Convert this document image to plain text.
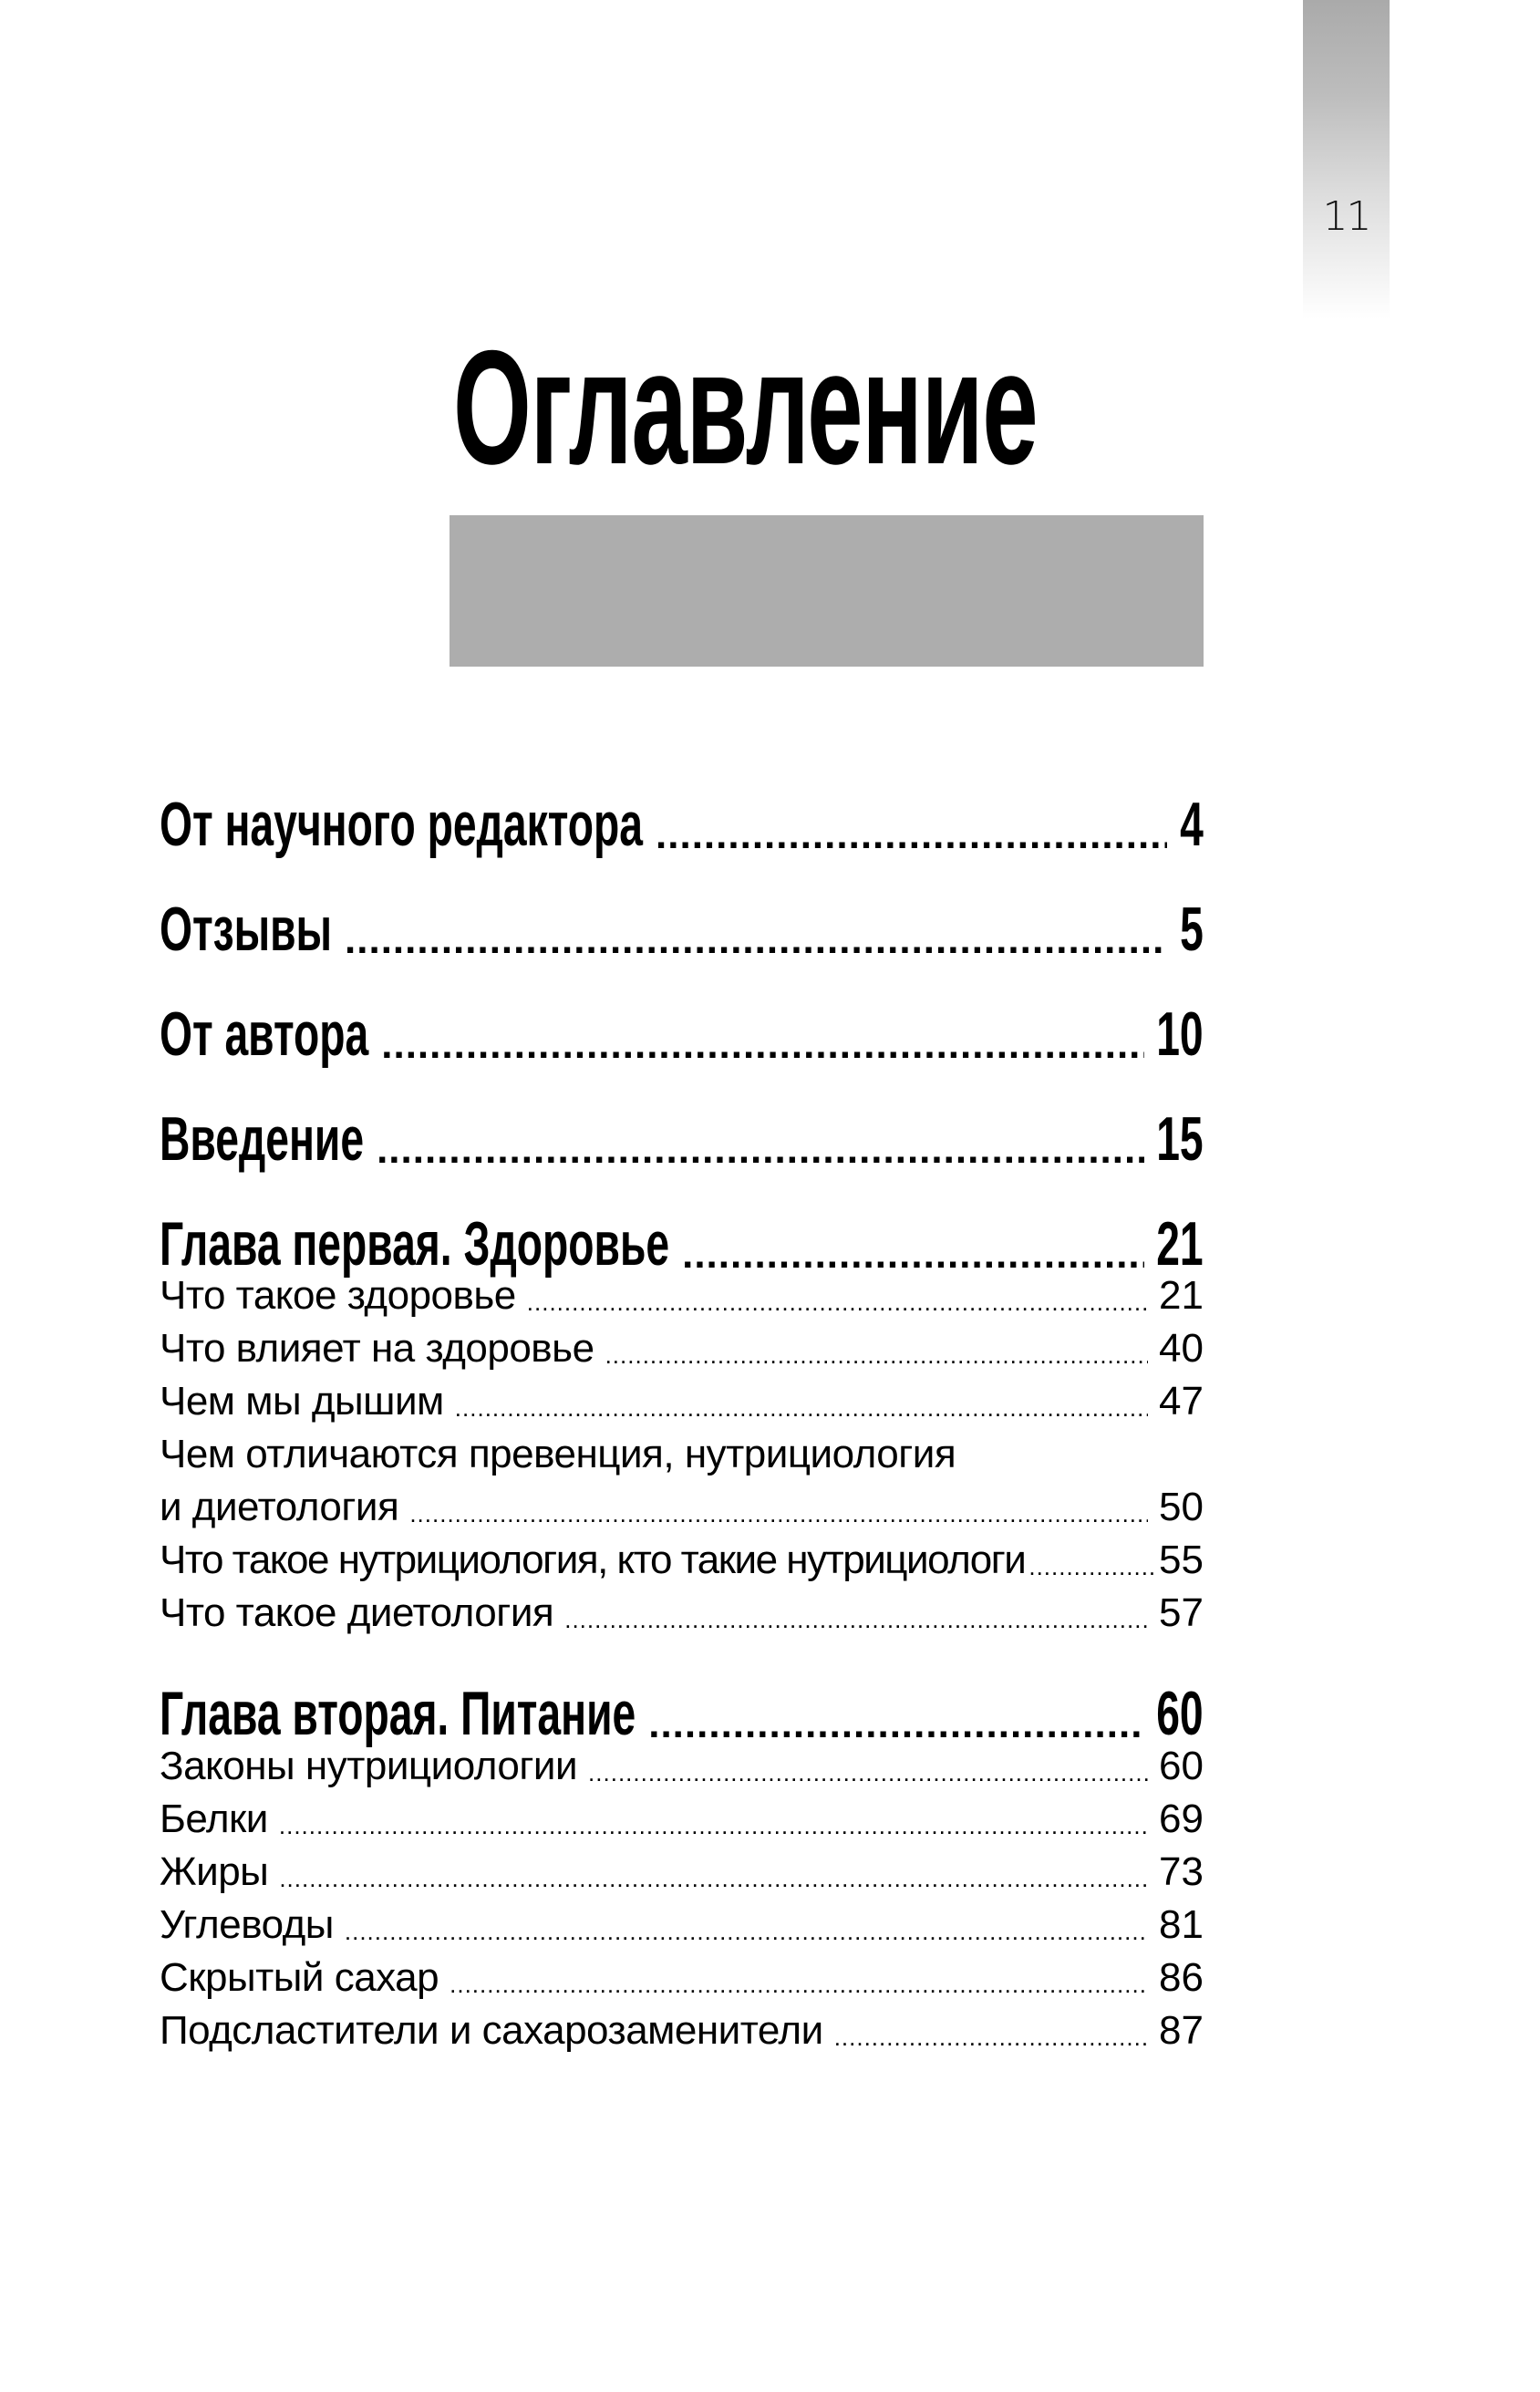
11
Оглавление
От научного редактора .....	4
Отзывы .....	5
От автора .....	10
Введение .....	15
Глава первая. Здоровье .....	21
Что такое здоровье .....	21
Что влияет на здоровье .....	40
Чем мы дышим .....	47
Чем отличаются превенция, нутрициология
и диетология .....	50
Что такое нутрициология, кто такие нутрициологи .....	55
Что такое диетология .....	57
Глава вторая. Питание .....	60
Законы нутрициологии .....	60
Белки .....	69
Жиры .....	73
Углеводы .....	81
Скрытый сахар .....	86
Подсластители и сахарозаменители .....	87
